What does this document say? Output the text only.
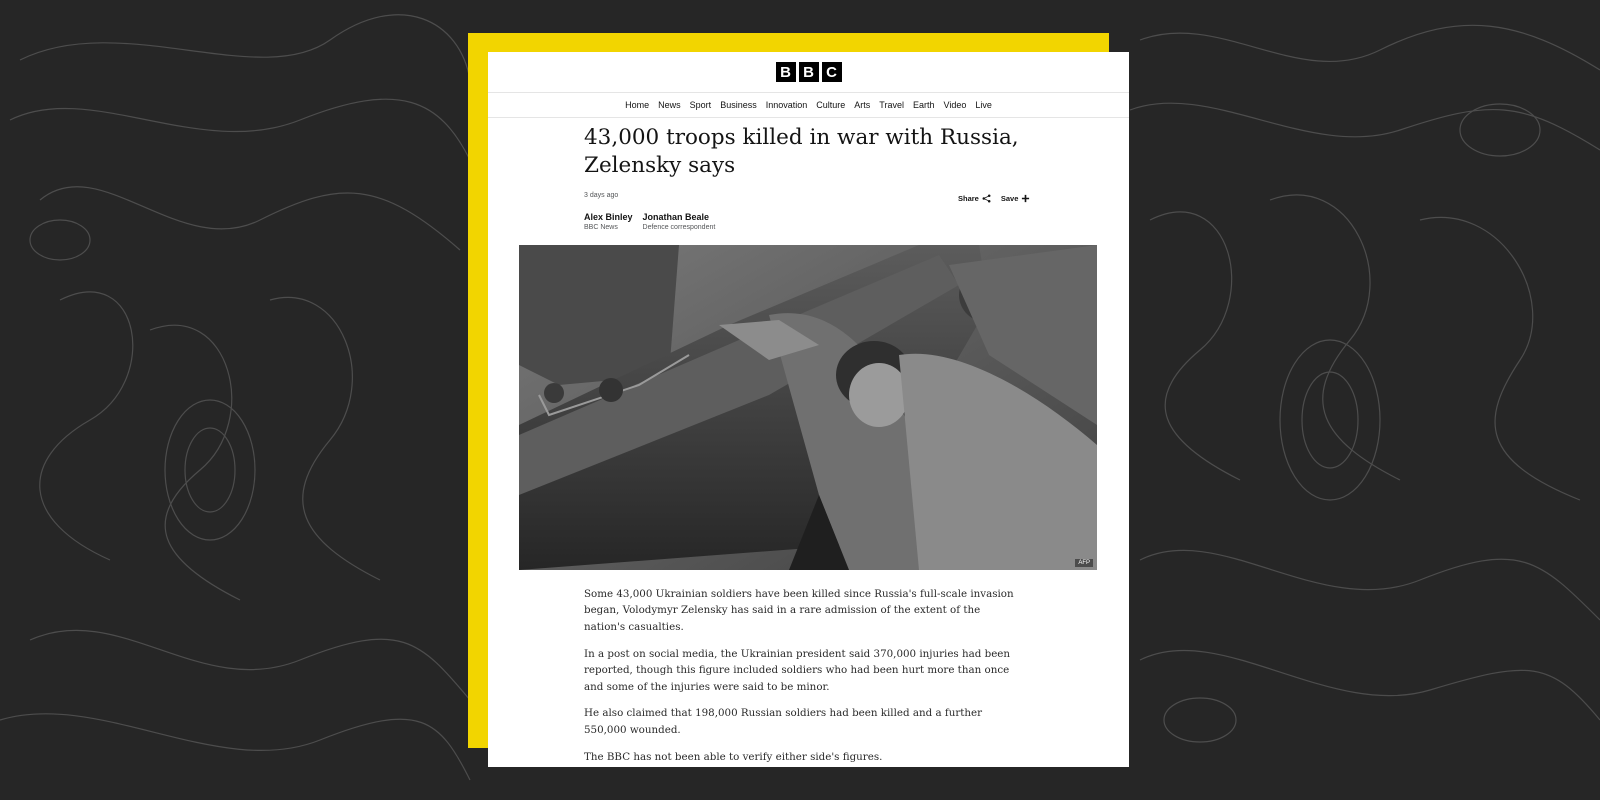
B B C
Home News Sport Business Innovation Culture Arts Travel Earth Video Live
43,000 troops killed in war with Russia, Zelensky says
3 days ago	Share	Save
Alex Binley
BBC News
Jonathan Beale
Defence correspondent
AFP

Some 43,000 Ukrainian soldiers have been killed since Russia's full-scale invasion began, Volodymyr Zelensky has said in a rare admission of the extent of the nation's casualties.

In a post on social media, the Ukrainian president said 370,000 injuries had been reported, though this figure included soldiers who had been hurt more than once and some of the injuries were said to be minor.

He also claimed that 198,000 Russian soldiers had been killed and a further 550,000 wounded.

The BBC has not been able to verify either side's figures.
